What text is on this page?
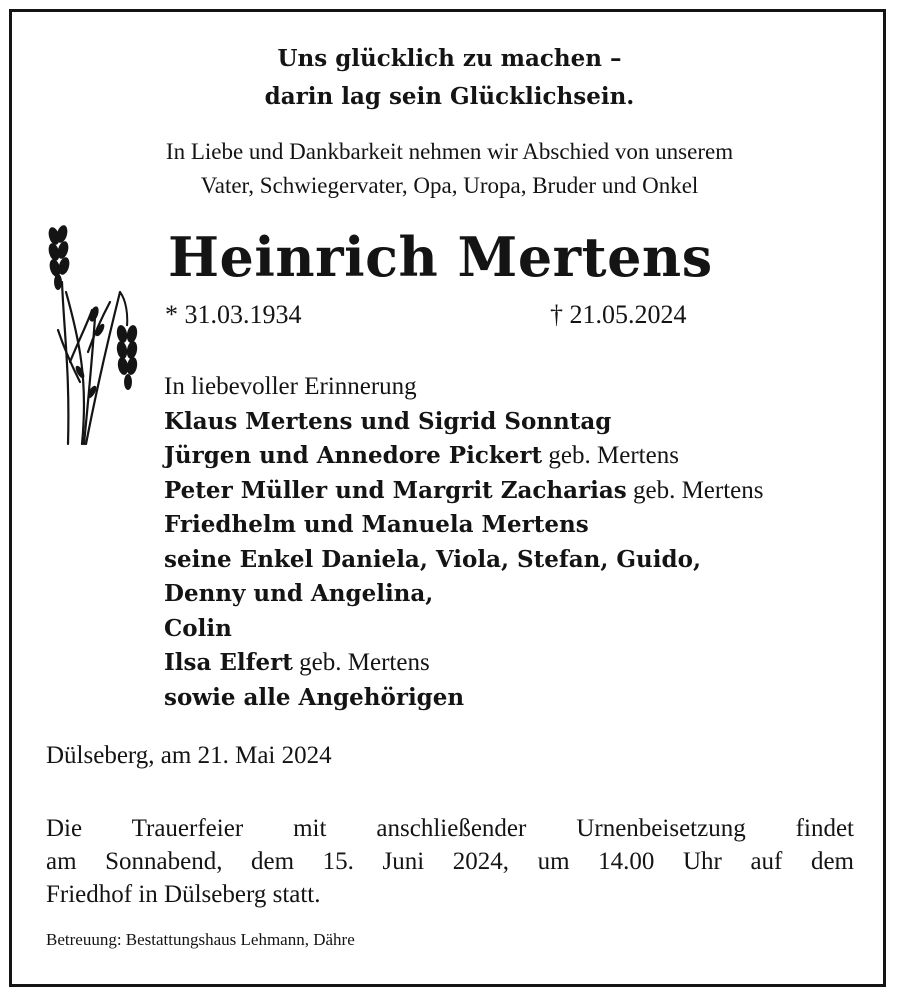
Uns glücklich zu machen –
darin lag sein Glücklichsein.
In Liebe und Dankbarkeit nehmen wir Abschied von unserem
Vater, Schwiegervater, Opa, Uropa, Bruder und Onkel
Heinrich Mertens
* 31.03.1934	† 21.05.2024
In liebevoller Erinnerung
Klaus Mertens und Sigrid Sonntag
Jürgen und Annedore Pickert geb. Mertens
Peter Müller und Margrit Zacharias geb. Mertens
Friedhelm und Manuela Mertens
seine Enkel Daniela, Viola, Stefan, Guido,
Denny und Angelina,
Colin
Ilsa Elfert geb. Mertens
sowie alle Angehörigen
Dülseberg, am 21. Mai 2024
Die Trauerfeier mit anschließender Urnenbeisetzung findet
am Sonnabend, dem 15. Juni 2024, um 14.00 Uhr auf dem
Friedhof in Dülseberg statt.
Betreuung: Bestattungshaus Lehmann, Dähre
